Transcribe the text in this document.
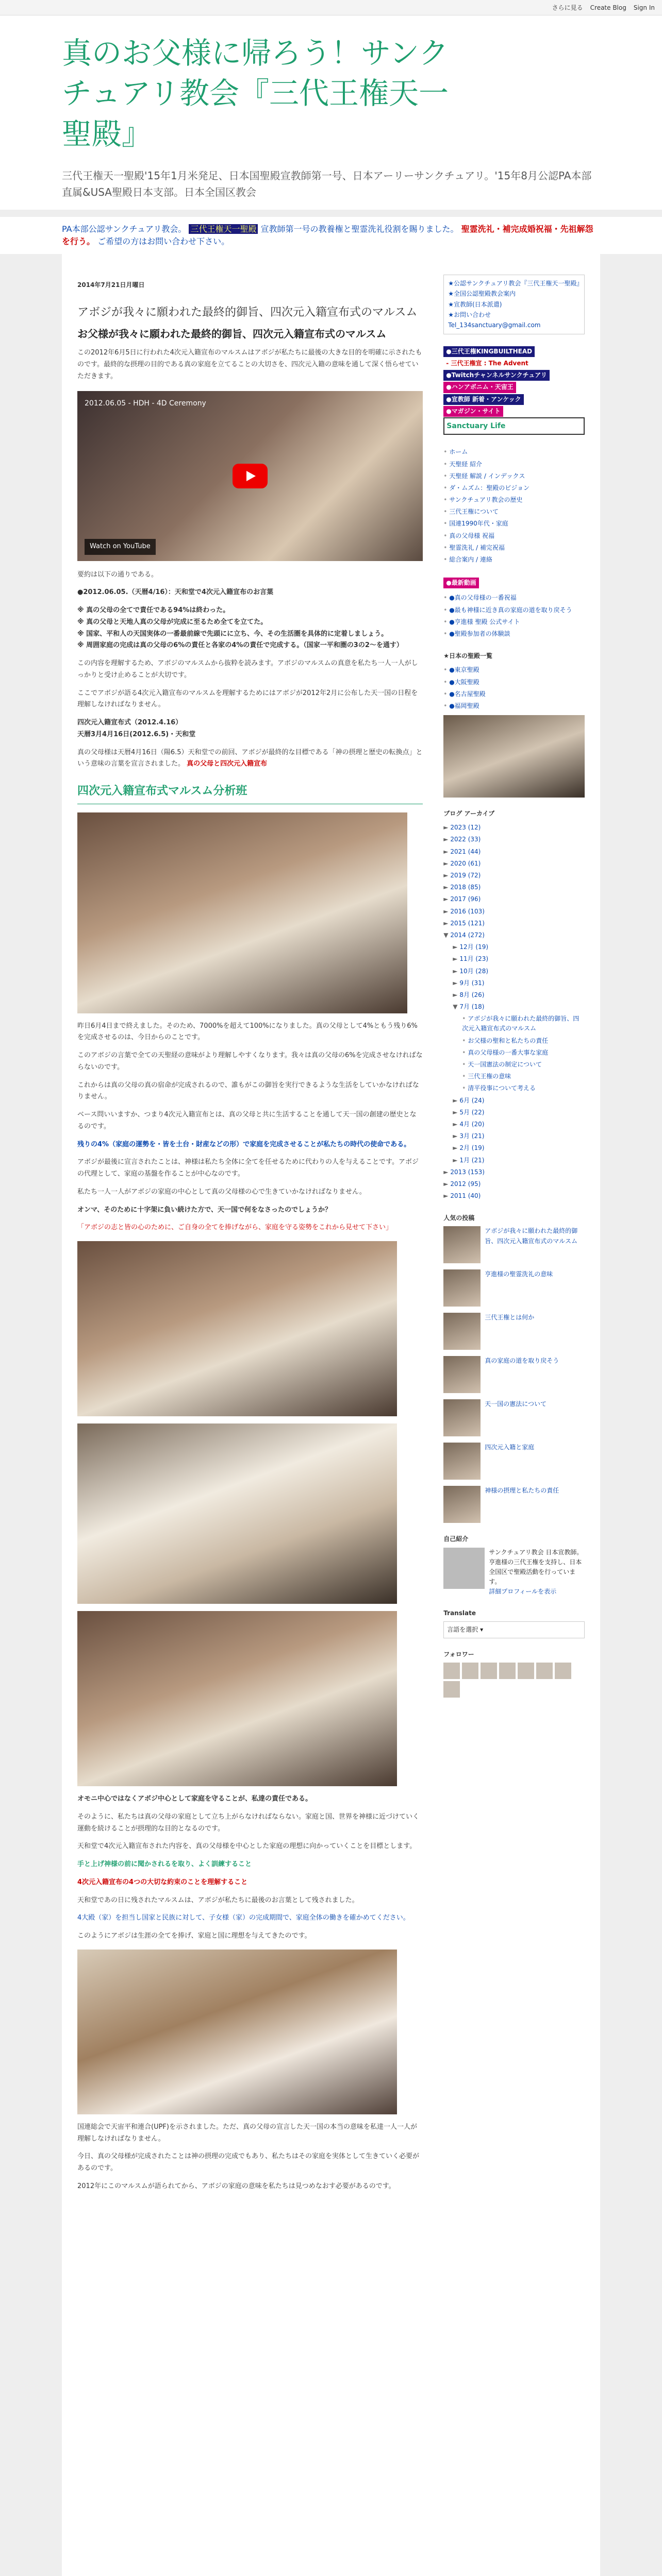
さらに見る Create Blog Sign In
真のお父様に帰ろう！サンクチュアリ教会『三代王権天一聖殿』
三代王権天一聖殿'15年1月米発足、日本国聖殿宣教師第一号、日本アーリーサンクチュアリ。'15年8月公認PA本部直属&USA聖殿日本支部。日本全国区教会
PA本部公認サンクチュアリ教会。 三代王権天一聖殿 宣教師第一号の教養権と聖霊洗礼役割を賜りました。 聖霊洗礼・補完成婚祝福・先祖解怨を行う。 ご希望の方はお問い合わせ下さい。
2014年7月21日月曜日
アボジが我々に願われた最終的御旨、四次元入籍宣布式のマルスム
お父様が我々に願われた最終的御旨、四次元入籍宣布式のマルスム

この2012年6月5日に行われた4次元入籍宣布のマルスムはアボジが私たちに最後の大きな目的を明確に示されたものです。最終的な摂理の目的である真の家庭を立てることの大切さを、四次元入籍の意味を通して深く悟らせていただきます。

2012.06.05 - HDH - 4D Ceremony
Watch on YouTube

要約は以下の通りである。

●2012.06.05.（天暦4/16）：天和堂で4次元入籍宣布のお言葉

※ 真の父母の全てで責任である94%は終わった。
※ 真の父母と天地人真の父母が完成に至るため全てを立てた。
※ 国家、平和人の天国実体の一番最前線で先頭にに立ち、今、その生活圏を具体的に定着しましょう。
※ 周囲家庭の完成は真の父母の6%の責任と各家の4%の責任で完成する。（国家一平和圏の3の2〜を通す）

この内容を理解するため、アボジのマルスムから抜粋を読みます。アボジのマルスムの真意を私たち一人一人がしっかりと受け止めることが大切です。

ここでアボジが語る4次元入籍宣布のマルスムを理解するためにはアボジが2012年2月に公布した天一国の日程を理解しなければなりません。

四次元入籍宣布式（2012.4.16）
天暦3月4月16日(2012.6.5)・天和堂

真の父母様は天暦4月16日（陽6.5）天和堂での前回、アボジが最終的な目標である「神の摂理と歴史の転換点」という意味の言葉を宣言されました。 真の父母と四次元入籍宣布

四次元入籍宣布式マルスム分析班

昨日6月4日まで終えました。そのため、7000%を超えて100%になりました。真の父母として4%ともう残り6%を完成させるのは、今日からのことです。

このアボジの言葉で全ての天聖経の意味がより理解しやすくなります。我々は真の父母の6%を完成させなければならないのです。

これからは真の父母の真の宿命が完成されるので、誰もがこの御旨を実行できるような生活をしていかなければなりません。

ベース問いいますか、つまり4次元入籍宣布とは、真の父母と共に生活することを通して天一国の創建の歴史となるのです。

残りの4%（家庭の運勢を・皆を土台・財産などの形）で家庭を完成させることが私たちの時代の使命である。

アボジが最後に宣言されたことは、神様は私たち全体に全てを任せるために代わりの人を与えることです。アボジの代理として、家庭の基盤を作ることが中心なのです。

私たち一人一人がアボジの家庭の中心として真の父母様の心で生きていかなければなりません。

オンマ、そのために十字架に負い続けた方で、天一国で何をなさったのでしょうか？

「アボジの志と皆の心のために、ご自身の全てを捧げながら、家庭を守る姿勢をこれから見せて下さい」

オモニ中心ではなくアボジ中心として家庭を守ることが、私達の責任である。

そのように、私たちは真の父母の家庭として立ち上がらなければならない。家庭と国、世界を神様に近づけていく運動を続けることが摂理的な目的となるのです。

天和堂で4次元入籍宣布された内容を、真の父母様を中心とした家庭の理想に向かっていくことを目標とします。

手と上げ神様の前に聞かされるを取り、よく訓練すること

4次元入籍宣布の4つの大切な約束のことを理解すること

天和堂であの日に残されたマルスムは、アボジが私たちに最後のお言葉として残されました。

4大殿（家）を担当し国家と民族に対して、子女様（家）の完成期間で、家庭全体の働きを確かめてください。

このようにアボジは生涯の全てを捧げ、家庭と国に理想を与えてきたのです。

国連総会で天宙平和連合(UPF)を示されました。ただ、真の父母の宣言した天一国の本当の意味を私達一人一人が理解しなければなりません。

今日、真の父母様が完成されたことは神の摂理の完成でもあり、私たちはその家庭を実体として生きていく必要があるのです。

2012年にこのマルスムが語られてから、アボジの家庭の意味を私たちは見つめなおす必要があるのです。

★公認サンクチュアリ教会『三代王権天一聖殿』
★全国公認聖殿教会案内
★宣教師(日本派遣)
★お問い合わせ
Tel_134sanctuary@gmail.com
●三代王権KINGBUILTHEAD
- 三代王権宣 : The Advent
●Twitchチャンネルサンクチュアリ
●ハンアボニム・天宙王
●宣教師 新着・アンケック
●マガジン・サイト
Sanctuary Life
• ホーム
• 天聖経 紹介
• 天聖経 解説 / インデックス
• ダ・ムズム：聖殿のビジョン
• サンクチュアリ教会の歴史
• 三代王権について
• 国連1990年代・家庭
• 真の父母様 祝福
• 聖霊洗礼 / 補完祝福
• 総合案内 / 連絡
●最新動画
• ●真の父母様の一番祝福
• ●最も神様に近き真の家庭の道を取り戻そう
• ●亨進様 聖殿 公式サイト
• ●聖殿参加者の体験談
★日本の聖殿一覧
• ●東京聖殿
• ●大阪聖殿
• ●名古屋聖殿
• ●福岡聖殿
ブログ アーカイブ
► 2023 (12)
► 2022 (33)
► 2021 (44)
► 2020 (61)
► 2019 (72)
► 2018 (85)
► 2017 (96)
► 2016 (103)
► 2015 (121)
▼ 2014 (272)
► 12月 (19)
► 11月 (23)
► 10月 (28)
► 9月 (31)
► 8月 (26)
▼ 7月 (18)
• アボジが我々に願われた最終的御旨、四次元入籍宣布式のマルスム
• お父様の聖和と私たちの責任
• 真の父母様の一番大事な家庭
• 天一国憲法の制定について
• 三代王権の意味
• 清平役事について考える
► 6月 (24)
► 5月 (22)
► 4月 (20)
► 3月 (21)
► 2月 (19)
► 1月 (21)
► 2013 (153)
► 2012 (95)
► 2011 (40)
人気の投稿
アボジが我々に願われた最終的御旨、四次元入籍宣布式のマルスム
亨進様の聖霊洗礼の意味
三代王権とは何か
真の家庭の道を取り戻そう
天一国の憲法について
四次元入籍と家庭
神様の摂理と私たちの責任
自己紹介
サンクチュアリ教会 日本宣教師。亨進様の三代王権を支持し、日本全国区で聖殿活動を行っています。
詳細プロフィールを表示
Translate
言語を選択 ▾
フォロワー
